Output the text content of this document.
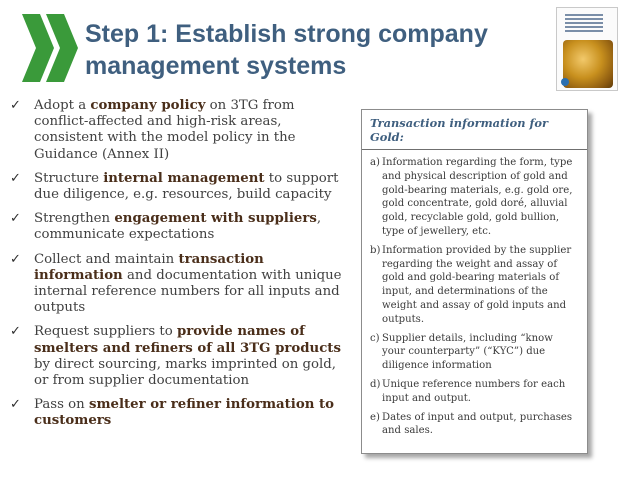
Step 1: Establish strong company management systems
✓ Adopt a company policy on 3TG from conflict-affected and high-risk areas, consistent with the model policy in the Guidance (Annex II)
✓ Structure internal management to support due diligence, e.g. resources, build capacity
✓ Strengthen engagement with suppliers, communicate expectations
✓ Collect and maintain transaction information and documentation with unique internal reference numbers for all inputs and outputs
✓ Request suppliers to provide names of smelters and refiners of all 3TG products by direct sourcing, marks imprinted on gold, or from supplier documentation
✓ Pass on smelter or refiner information to customers
Transaction information for Gold:
a) Information regarding the form, type and physical description of gold and gold-bearing materials, e.g. gold ore, gold concentrate, gold doré, alluvial gold, recyclable gold, gold bullion, type of jewellery, etc.
b) Information provided by the supplier regarding the weight and assay of gold and gold-bearing materials of input, and determinations of the weight and assay of gold inputs and outputs.
c) Supplier details, including “know your counterparty” (“KYC”) due diligence information
d) Unique reference numbers for each input and output.
e) Dates of input and output, purchases and sales.
